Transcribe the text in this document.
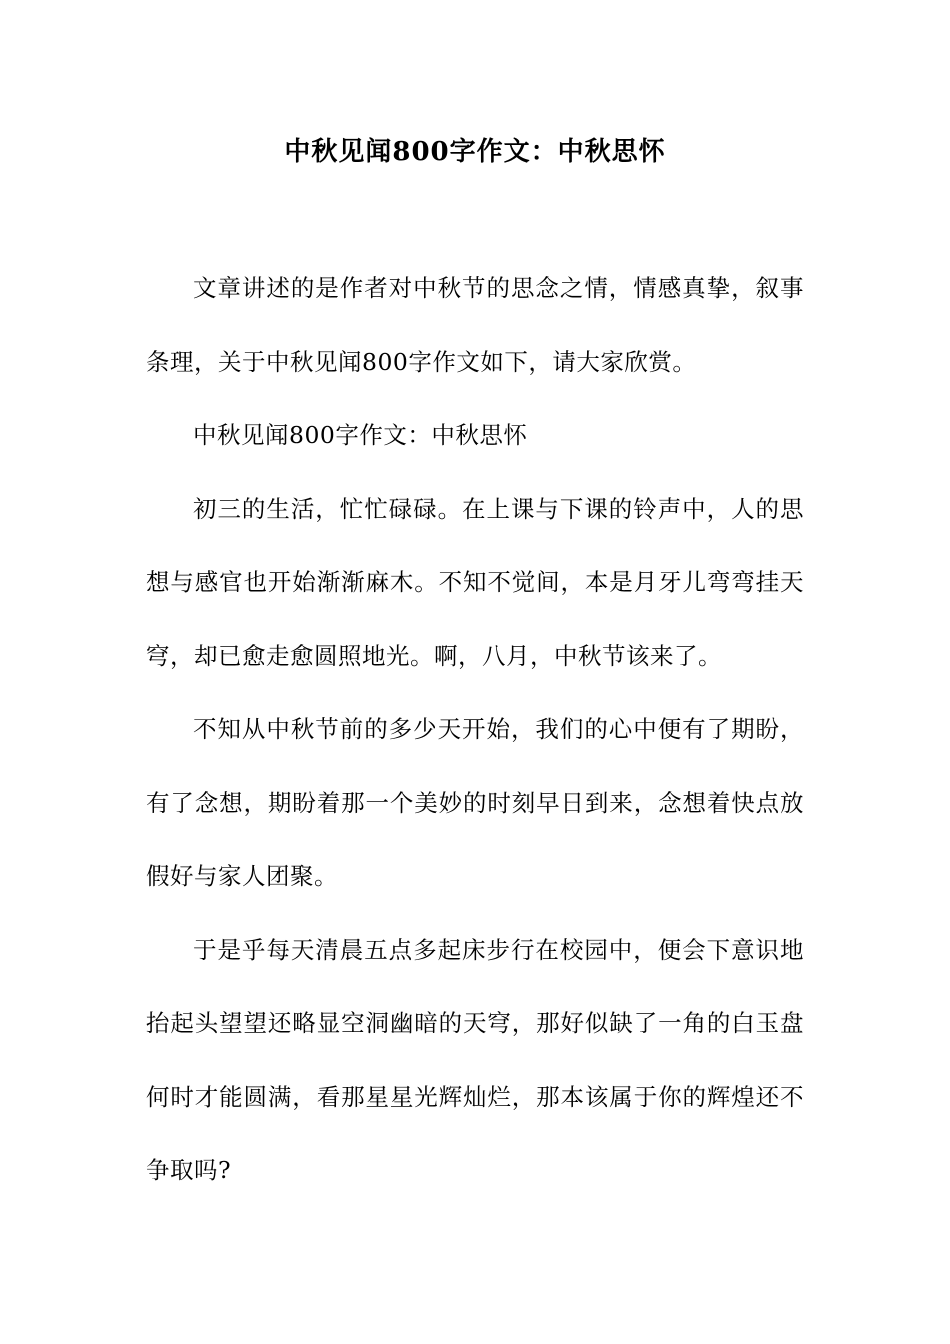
中秋见闻800字作文：中秋思怀

文章讲述的是作者对中秋节的思念之情，情感真挚，叙事条理，关于中秋见闻800字作文如下，请大家欣赏。

中秋见闻800字作文：中秋思怀

初三的生活，忙忙碌碌。在上课与下课的铃声中，人的思想与感官也开始渐渐麻木。不知不觉间，本是月牙儿弯弯挂天穹，却已愈走愈圆照地光。啊，八月，中秋节该来了。

不知从中秋节前的多少天开始，我们的心中便有了期盼，有了念想，期盼着那一个美妙的时刻早日到来，念想着快点放假好与家人团聚。

于是乎每天清晨五点多起床步行在校园中，便会下意识地抬起头望望还略显空洞幽暗的天穹，那好似缺了一角的白玉盘何时才能圆满，看那星星光辉灿烂，那本该属于你的辉煌还不争取吗?
